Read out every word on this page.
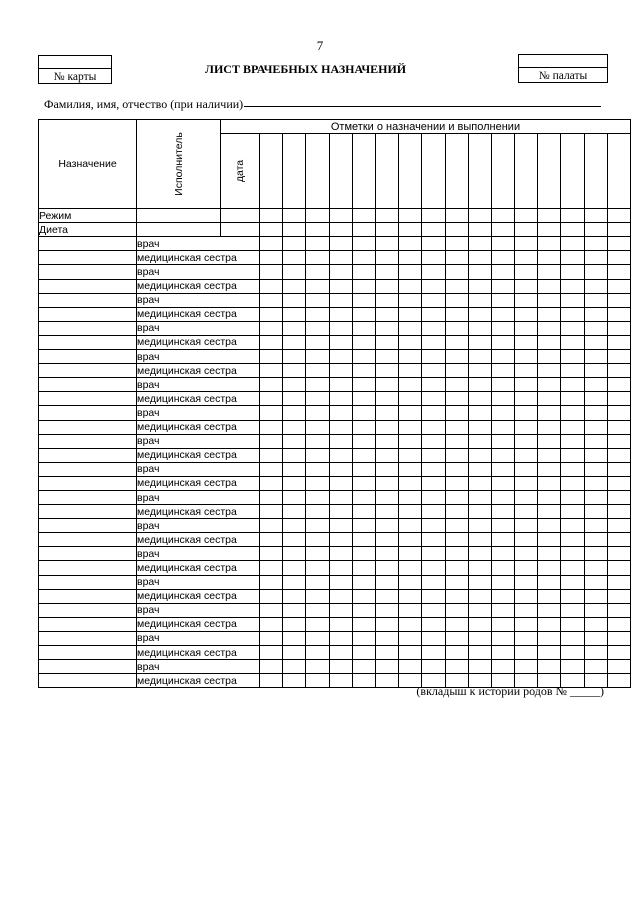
7
№ карты
ЛИСТ ВРАЧЕБНЫХ НАЗНАЧЕНИЙ	№ палаты
Фамилия, имя, отчество (при наличии)
Назначение	Исполнитель	Отметки о назначении и выполнении																

		дата																

Режим																		
Диета																		
	врач																	
	медицинская сестра																	
	врач																	
	медицинская сестра																	
	врач																	
	медицинская сестра																	
	врач																	
	медицинская сестра																	
	врач																	
	медицинская сестра																	
	врач																	
	медицинская сестра																	
	врач																	
	медицинская сестра																	
	врач																	
	медицинская сестра																	
	врач																	
	медицинская сестра																	
	врач																	
	медицинская сестра																	
	врач																	
	медицинская сестра																	
	врач																	
	медицинская сестра																	
	врач																	
	медицинская сестра																	
	врач																	
	медицинская сестра																	
	врач																	
	медицинская сестра																	
	врач																	
	медицинская сестра																	
(вкладыш к истории родов № _____)
